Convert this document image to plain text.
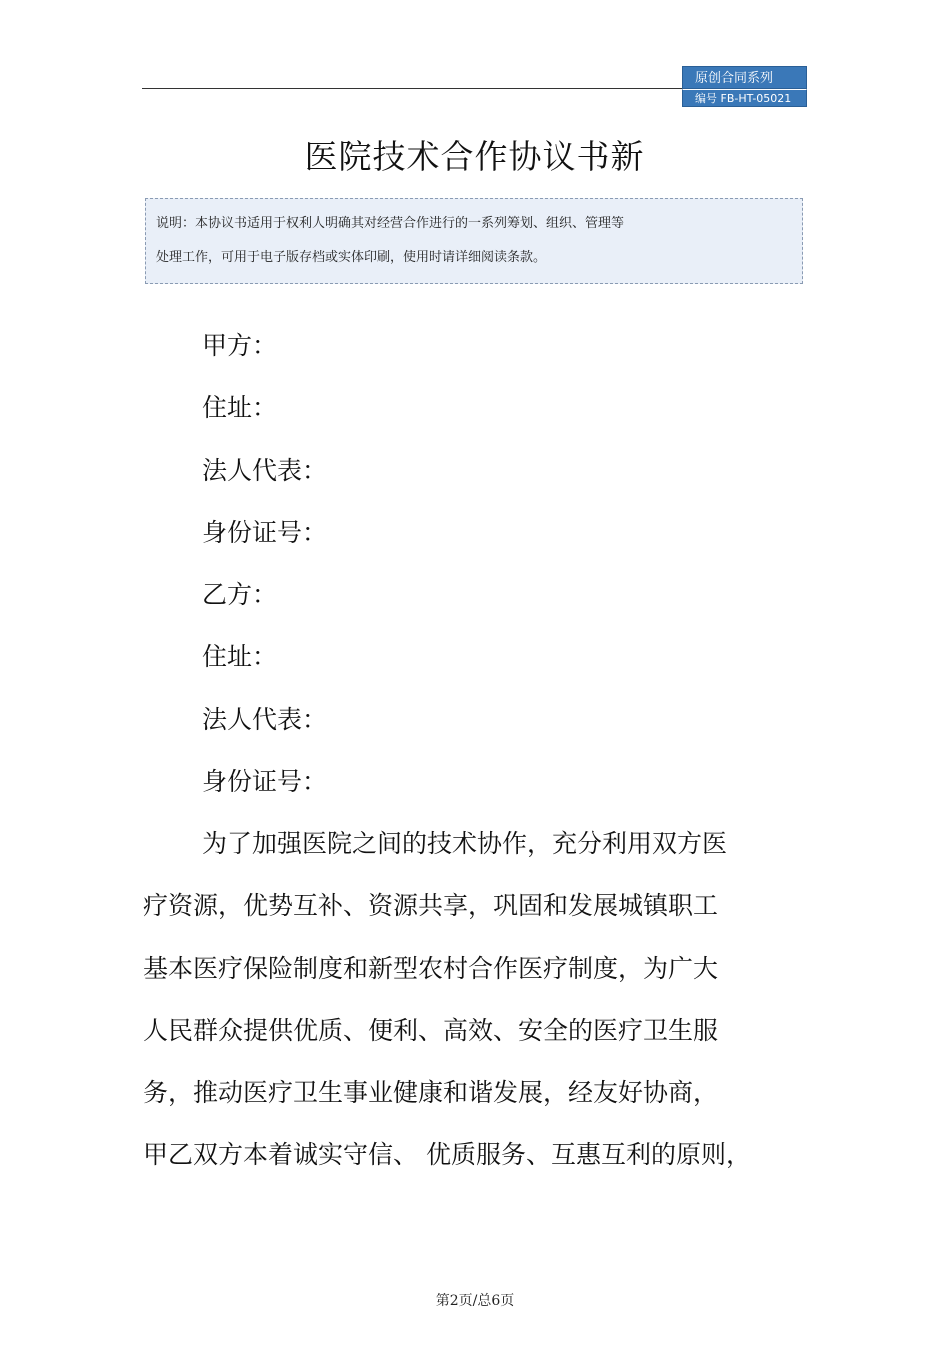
原创合同系列
编号 FB-HT-05021
医院技术合作协议书新
说明：本协议书适用于权利人明确其对经营合作进行的一系列筹划、组织、管理等
处理工作，可用于电子版存档或实体印刷，使用时请详细阅读条款。
甲方：
住址：
法人代表：
身份证号：
乙方：
住址：
法人代表：
身份证号：

为了加强医院之间的技术协作，充分利用双方医
疗资源，优势互补、资源共享，巩固和发展城镇职工
基本医疗保险制度和新型农村合作医疗制度，为广大
人民群众提供优质、便利、高效、安全的医疗卫生服
务，推动医疗卫生事业健康和谐发展，经友好协商，
甲乙双方本着诚实守信、 优质服务、互惠互利的原则，

第2页/总6页
